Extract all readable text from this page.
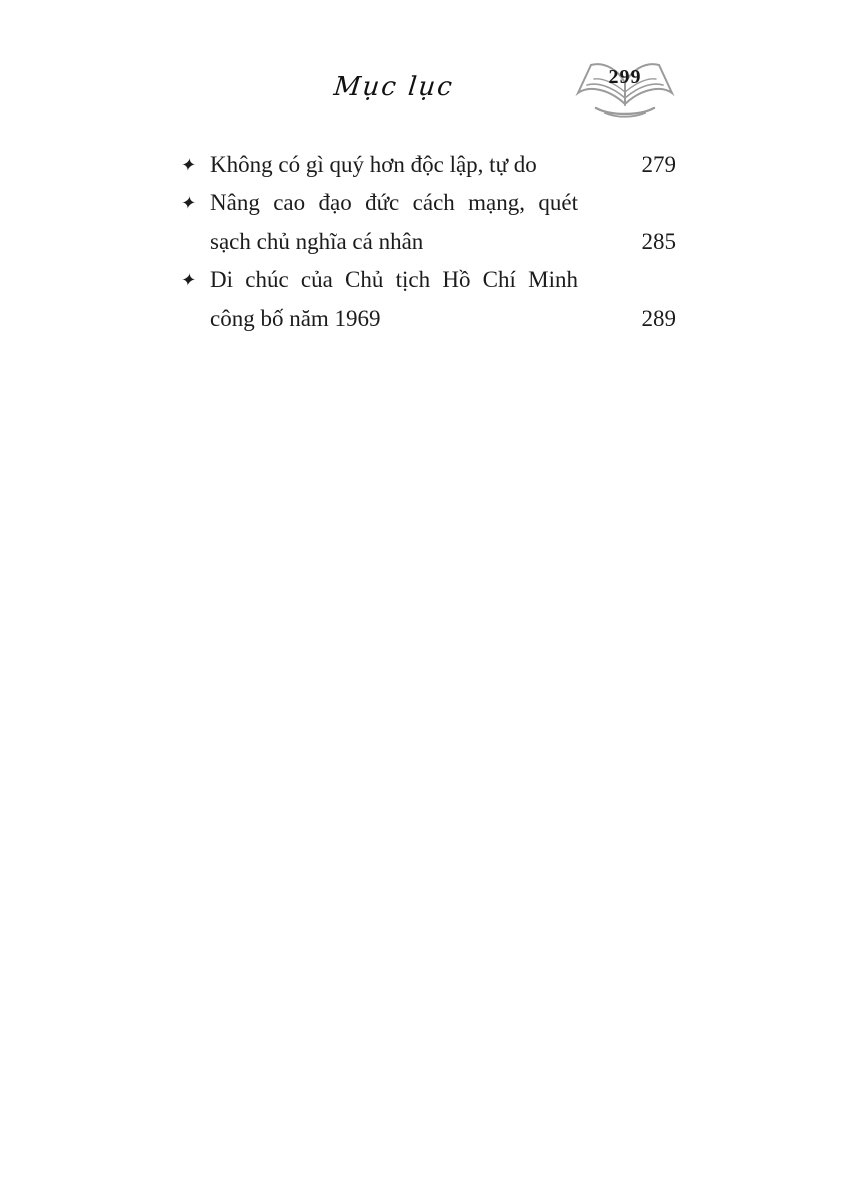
Mục lục	299
✦ Không có gì quý hơn độc lập, tự do	279
✦ Nâng cao đạo đức cách mạng, quét
sạch chủ nghĩa cá nhân	285
✦ Di chúc của Chủ tịch Hồ Chí Minh
công bố năm 1969	289
